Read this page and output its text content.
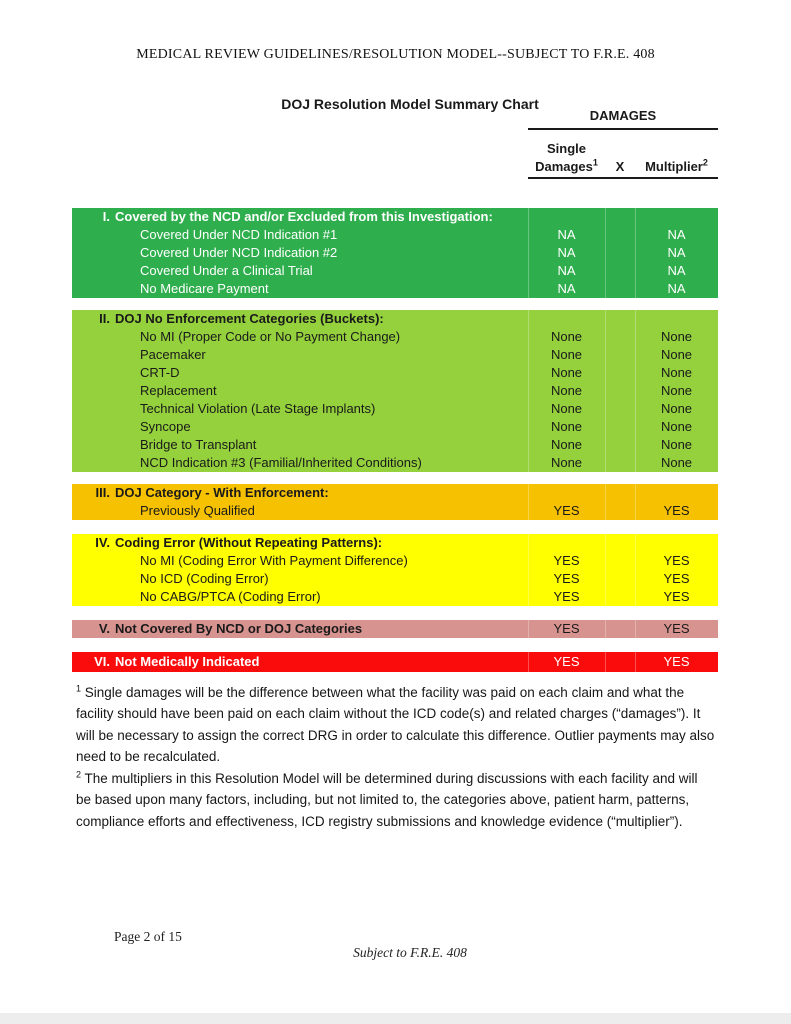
MEDICAL REVIEW GUIDELINES/RESOLUTION MODEL--SUBJECT TO F.R.E. 408
DOJ Resolution Model Summary Chart
DAMAGES
Single
Damages$^1$	X	Multiplier$^2$
I. Covered by the NCD and/or Excluded from this Investigation:
Covered Under NCD Indication #1	NA	NA
Covered Under NCD Indication #2	NA	NA
Covered Under a Clinical Trial	NA	NA
No Medicare Payment	NA	NA
II. DOJ No Enforcement Categories (Buckets):
No MI (Proper Code or No Payment Change)	None	None
Pacemaker	None	None
CRT-D	None	None
Replacement	None	None
Technical Violation (Late Stage Implants)	None	None
Syncope	None	None
Bridge to Transplant	None	None
NCD Indication #3 (Familial/Inherited Conditions)	None	None
III. DOJ Category - With Enforcement:
Previously Qualified	YES	YES
IV. Coding Error (Without Repeating Patterns):
No MI (Coding Error With Payment Difference)	YES	YES
No ICD (Coding Error)	YES	YES
No CABG/PTCA (Coding Error)	YES	YES
V. Not Covered By NCD or DOJ Categories	YES	YES
VI. Not Medically Indicated	YES	YES
$^1$ Single damages will be the difference between what the facility was paid on each claim and what the facility should have been paid on each claim without the ICD code(s) and related charges (“damages”). It will be necessary to assign the correct DRG in order to calculate this difference. Outlier payments may also need to be recalculated.
$^2$ The multipliers in this Resolution Model will be determined during discussions with each facility and will be based upon many factors, including, but not limited to, the categories above, patient harm, patterns, compliance efforts and effectiveness, ICD registry submissions and knowledge evidence (“multiplier”).
Page 2 of 15
Subject to F.R.E. 408
